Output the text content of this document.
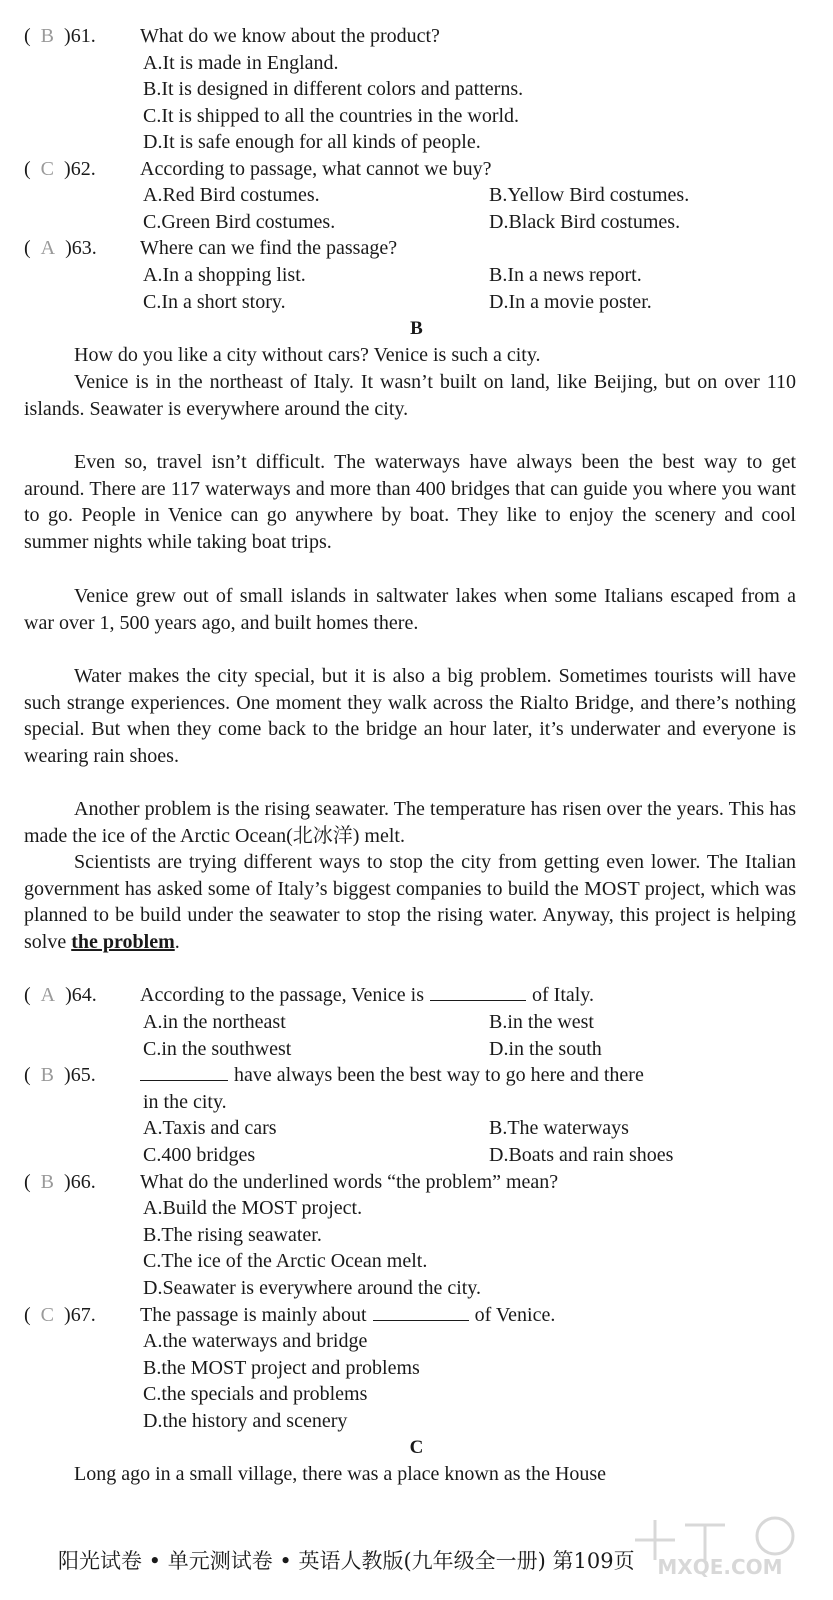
(  B  )61. What do we know about the product?
A.It is made in England.
B.It is designed in different colors and patterns.
C.It is shipped to all the countries in the world.
D.It is safe enough for all kinds of people.
(  C  )62. According to passage, what cannot we buy?
A.Red Bird costumes.	B.Yellow Bird costumes.
C.Green Bird costumes.	D.Black Bird costumes.
(  A  )63. Where can we find the passage?
A.In a shopping list.	B.In a news report.
C.In a short story.	D.In a movie poster.
B

How do you like a city without cars? Venice is such a city.

Venice is in the northeast of Italy. It wasn’t built on land, like Beijing, but on over 110 islands. Seawater is everywhere around the city.

Even so, travel isn’t difficult. The waterways have always been the best way to get around. There are 117 waterways and more than 400 bridges that can guide you where you want to go. People in Venice can go anywhere by boat. They like to enjoy the scenery and cool summer nights while taking boat trips.

Venice grew out of small islands in saltwater lakes when some Italians escaped from a war over 1, 500 years ago, and built homes there.

Water makes the city special, but it is also a big problem. Sometimes tourists will have such strange experiences. One moment they walk across the Rialto Bridge, and there’s nothing special. But when they come back to the bridge an hour later, it’s underwater and everyone is wearing rain shoes.

Another problem is the rising seawater. The temperature has risen over the years. This has made the ice of the Arctic Ocean(北冰洋) melt.

Scientists are trying different ways to stop the city from getting even lower. The Italian government has asked some of Italy’s biggest companies to build the MOST project, which was planned to be build under the seawater to stop the rising water. Anyway, this project is helping solve the problem.

(  A  )64. According to the passage, Venice is	of Italy.
A.in the northeast	B.in the west
C.in the southwest	D.in the south
(  B  )65.	have always been the best way to go here and there
in the city.
A.Taxis and cars	B.The waterways
C.400 bridges	D.Boats and rain shoes
(  B  )66. What do the underlined words “the problem” mean?
A.Build the MOST project.
B.The rising seawater.
C.The ice of the Arctic Ocean melt.
D.Seawater is everywhere around the city.
(  C  )67. The passage is mainly about	of Venice.
A.the waterways and bridge
B.the MOST project and problems
C.the specials and problems
D.the history and scenery
C
Long ago in a small village, there was a place known as the House
MXQE.COM
阳光试卷 • 单元测试卷 • 英语人教版(九年级全一册) 第109页
